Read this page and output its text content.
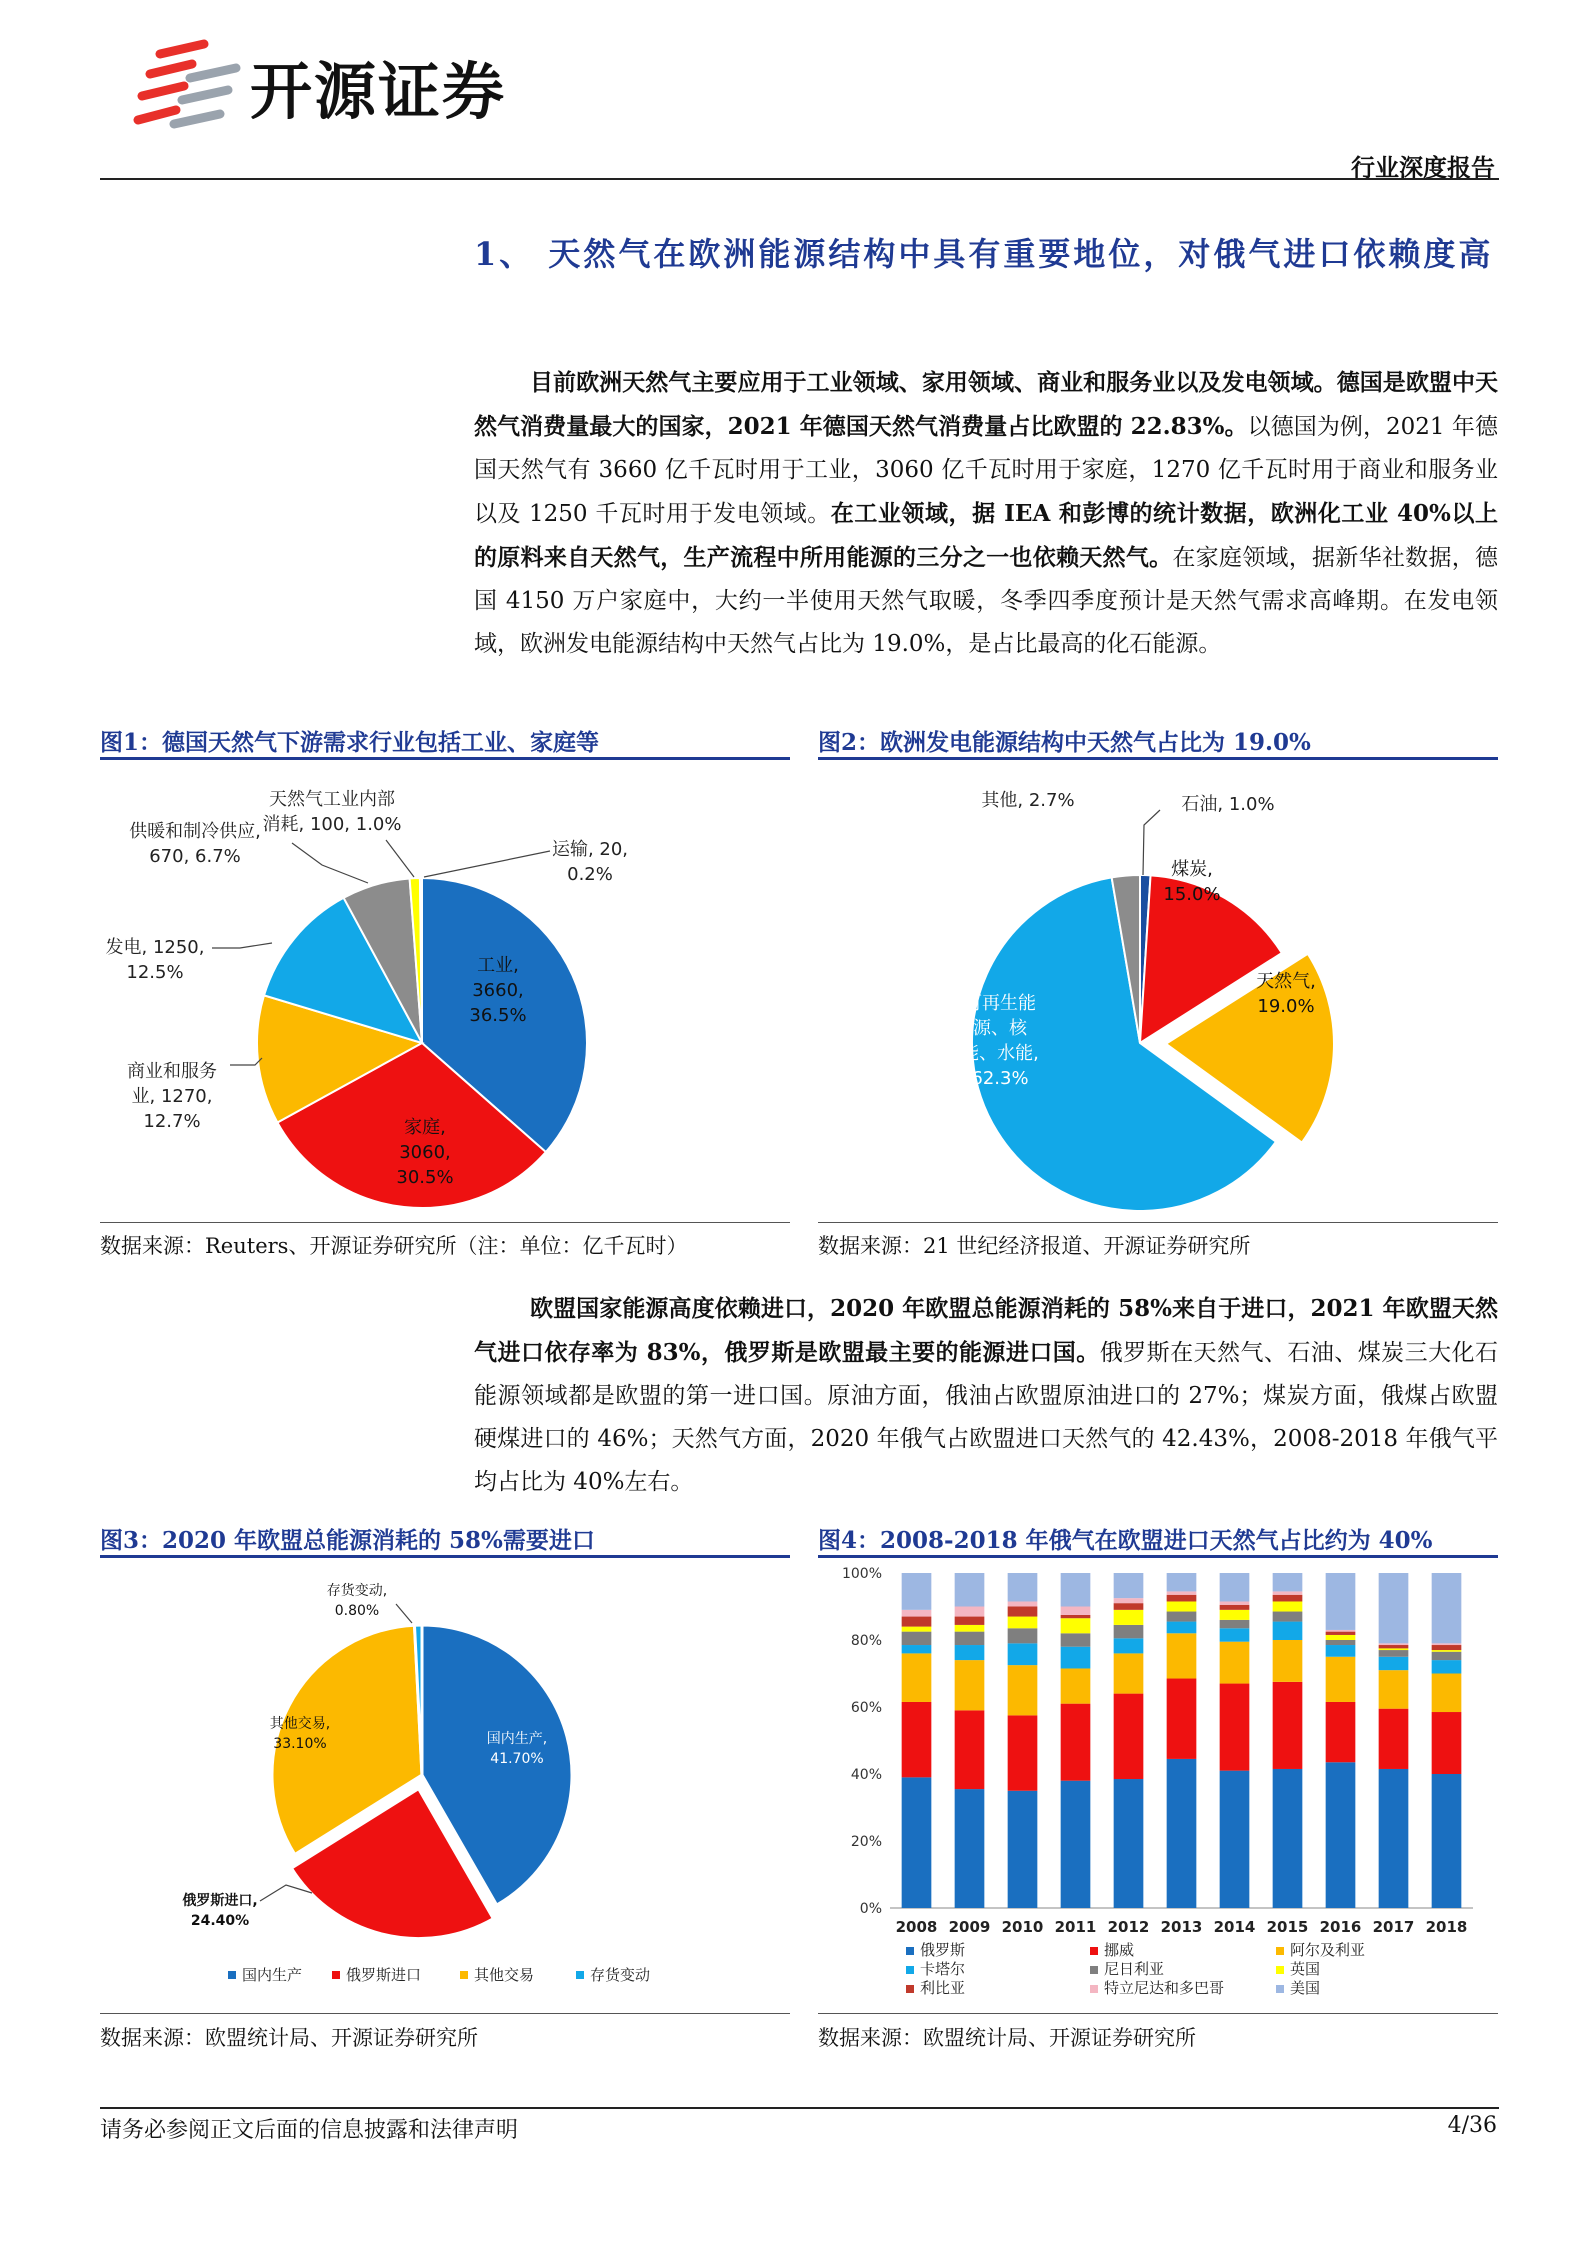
开源证券
行业深度报告
1、 天然气在欧洲能源结构中具有重要地位，对俄气进口依赖度高
目前欧洲天然气主要应用于工业领域、家用领域、商业和服务业以及发电领域。德国是欧盟中天然气消费量最大的国家，2021 年德国天然气消费量占比欧盟的 22.83%。以德国为例，2021 年德国天然气有 3660 亿千瓦时用于工业，3060 亿千瓦时用于家庭，1270 亿千瓦时用于商业和服务业以及 1250 千瓦时用于发电领域。在工业领域，据 IEA 和彭博的统计数据，欧洲化工业 40%以上的原料来自天然气，生产流程中所用能源的三分之一也依赖天然气。在家庭领域，据新华社数据，德国 4150 万户家庭中，大约一半使用天然气取暖，冬季四季度预计是天然气需求高峰期。在发电领域，欧洲发电能源结构中天然气占比为 19.0%，是占比最高的化石能源。
图1：德国天然气下游需求行业包括工业、家庭等
工业, 3660, 36.5%
家庭, 3060, 30.5%
商业和服务业, 1270, 12.7%
发电, 1250, 12.5%
供暖和制冷供应, 670, 6.7%
天然气工业内部消耗, 100, 1.0%
运输, 20, 0.2%
数据来源：Reuters、开源证券研究所（注：单位：亿千瓦时）
图2：欧洲发电能源结构中天然气占比为 19.0%
石油, 1.0%
煤炭, 15.0%
天然气, 19.0%
可再生能源、核能、水能, 62.3%
其他, 2.7%
数据来源：21 世纪经济报道、开源证券研究所
欧盟国家能源高度依赖进口，2020 年欧盟总能源消耗的 58%来自于进口，2021 年欧盟天然气进口依存率为 83%，俄罗斯是欧盟最主要的能源进口国。俄罗斯在天然气、石油、煤炭三大化石能源领域都是欧盟的第一进口国。原油方面，俄油占欧盟原油进口的 27%；煤炭方面，俄煤占欧盟硬煤进口的 46%；天然气方面，2020 年俄气占欧盟进口天然气的 42.43%，2008-2018 年俄气平均占比为 40%左右。
图3：2020 年欧盟总能源消耗的 58%需要进口
国内生产, 41.70%
俄罗斯进口, 24.40%
其他交易, 33.10%
存货变动, 0.80%
国内生产	俄罗斯进口	其他交易	存货变动
数据来源：欧盟统计局、开源证券研究所
图4：2008-2018 年俄气在欧盟进口天然气占比约为 40%
0%
20%
40%
60%
80%
100%
2008 2009 2010 2011 2012 2013 2014 2015 2016 2017 2018
俄罗斯	挪威	阿尔及利亚
卡塔尔	尼日利亚	英国
利比亚	特立尼达和多巴哥	美国
数据来源：欧盟统计局、开源证券研究所
请务必参阅正文后面的信息披露和法律声明	4/36
